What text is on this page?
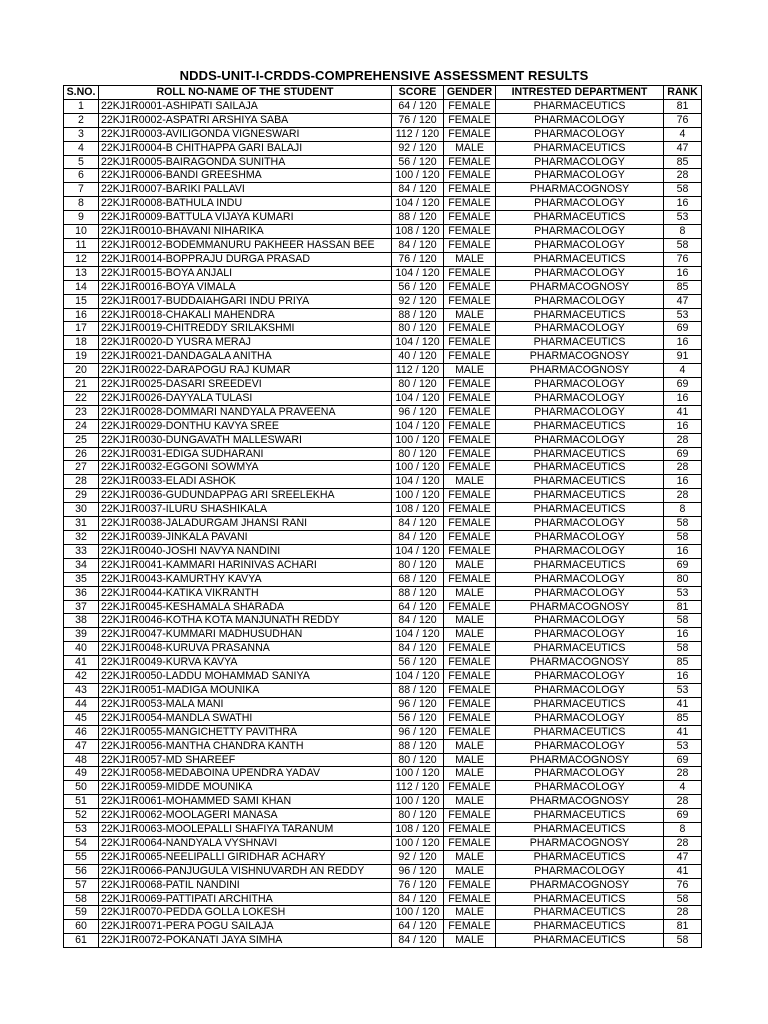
NDDS-UNIT-I-CRDDS-COMPREHENSIVE ASSESSMENT RESULTS
S.NO.	ROLL NO-NAME OF THE STUDENT	SCORE	GENDER	INTRESTED DEPARTMENT	RANK
1	22KJ1R0001-ASHIPATI SAILAJA	64 / 120	FEMALE	PHARMACEUTICS	81
2	22KJ1R0002-ASPATRI ARSHIYA SABA	76 / 120	FEMALE	PHARMACOLOGY	76
3	22KJ1R0003-AVILIGONDA VIGNESWARI	112 / 120	FEMALE	PHARMACOLOGY	4
4	22KJ1R0004-B CHITHAPPA GARI BALAJI	92 / 120	MALE	PHARMACEUTICS	47
5	22KJ1R0005-BAIRAGONDA SUNITHA	56 / 120	FEMALE	PHARMACOLOGY	85
6	22KJ1R0006-BANDI GREESHMA	100 / 120	FEMALE	PHARMACOLOGY	28
7	22KJ1R0007-BARIKI PALLAVI	84 / 120	FEMALE	PHARMACOGNOSY	58
8	22KJ1R0008-BATHULA INDU	104 / 120	FEMALE	PHARMACOLOGY	16
9	22KJ1R0009-BATTULA VIJAYA KUMARI	88 / 120	FEMALE	PHARMACEUTICS	53
10	22KJ1R0010-BHAVANI NIHARIKA	108 / 120	FEMALE	PHARMACOLOGY	8
11	22KJ1R0012-BODEMMANURU PAKHEER HASSAN BEE	84 / 120	FEMALE	PHARMACOLOGY	58
12	22KJ1R0014-BOPPRAJU DURGA PRASAD	76 / 120	MALE	PHARMACEUTICS	76
13	22KJ1R0015-BOYA ANJALI	104 / 120	FEMALE	PHARMACOLOGY	16
14	22KJ1R0016-BOYA VIMALA	56 / 120	FEMALE	PHARMACOGNOSY	85
15	22KJ1R0017-BUDDAIAHGARI INDU PRIYA	92 / 120	FEMALE	PHARMACOLOGY	47
16	22KJ1R0018-CHAKALI MAHENDRA	88 / 120	MALE	PHARMACEUTICS	53
17	22KJ1R0019-CHITREDDY SRILAKSHMI	80 / 120	FEMALE	PHARMACOLOGY	69
18	22KJ1R0020-D YUSRA MERAJ	104 / 120	FEMALE	PHARMACEUTICS	16
19	22KJ1R0021-DANDAGALA ANITHA	40 / 120	FEMALE	PHARMACOGNOSY	91
20	22KJ1R0022-DARAPOGU RAJ KUMAR	112 / 120	MALE	PHARMACOGNOSY	4
21	22KJ1R0025-DASARI SREEDEVI	80 / 120	FEMALE	PHARMACOLOGY	69
22	22KJ1R0026-DAYYALA TULASI	104 / 120	FEMALE	PHARMACOLOGY	16
23	22KJ1R0028-DOMMARI NANDYALA PRAVEENA	96 / 120	FEMALE	PHARMACOLOGY	41
24	22KJ1R0029-DONTHU KAVYA SREE	104 / 120	FEMALE	PHARMACEUTICS	16
25	22KJ1R0030-DUNGAVATH MALLESWARI	100 / 120	FEMALE	PHARMACOLOGY	28
26	22KJ1R0031-EDIGA SUDHARANI	80 / 120	FEMALE	PHARMACEUTICS	69
27	22KJ1R0032-EGGONI SOWMYA	100 / 120	FEMALE	PHARMACEUTICS	28
28	22KJ1R0033-ELADI ASHOK	104 / 120	MALE	PHARMACEUTICS	16
29	22KJ1R0036-GUDUNDAPPAG ARI SREELEKHA	100 / 120	FEMALE	PHARMACEUTICS	28
30	22KJ1R0037-ILURU SHASHIKALA	108 / 120	FEMALE	PHARMACEUTICS	8
31	22KJ1R0038-JALADURGAM JHANSI RANI	84 / 120	FEMALE	PHARMACOLOGY	58
32	22KJ1R0039-JINKALA PAVANI	84 / 120	FEMALE	PHARMACOLOGY	58
33	22KJ1R0040-JOSHI NAVYA NANDINI	104 / 120	FEMALE	PHARMACOLOGY	16
34	22KJ1R0041-KAMMARI HARINIVAS ACHARI	80 / 120	MALE	PHARMACEUTICS	69
35	22KJ1R0043-KAMURTHY KAVYA	68 / 120	FEMALE	PHARMACOLOGY	80
36	22KJ1R0044-KATIKA VIKRANTH	88 / 120	MALE	PHARMACOLOGY	53
37	22KJ1R0045-KESHAMALA SHARADA	64 / 120	FEMALE	PHARMACOGNOSY	81
38	22KJ1R0046-KOTHA KOTA MANJUNATH REDDY	84 / 120	MALE	PHARMACOLOGY	58
39	22KJ1R0047-KUMMARI MADHUSUDHAN	104 / 120	MALE	PHARMACOLOGY	16
40	22KJ1R0048-KURUVA PRASANNA	84 / 120	FEMALE	PHARMACEUTICS	58
41	22KJ1R0049-KURVA KAVYA	56 / 120	FEMALE	PHARMACOGNOSY	85
42	22KJ1R0050-LADDU MOHAMMAD SANIYA	104 / 120	FEMALE	PHARMACOLOGY	16
43	22KJ1R0051-MADIGA MOUNIKA	88 / 120	FEMALE	PHARMACOLOGY	53
44	22KJ1R0053-MALA MANI	96 / 120	FEMALE	PHARMACEUTICS	41
45	22KJ1R0054-MANDLA SWATHI	56 / 120	FEMALE	PHARMACOLOGY	85
46	22KJ1R0055-MANGICHETTY PAVITHRA	96 / 120	FEMALE	PHARMACEUTICS	41
47	22KJ1R0056-MANTHA CHANDRA KANTH	88 / 120	MALE	PHARMACOLOGY	53
48	22KJ1R0057-MD SHAREEF	80 / 120	MALE	PHARMACOGNOSY	69
49	22KJ1R0058-MEDABOINA UPENDRA YADAV	100 / 120	MALE	PHARMACOLOGY	28
50	22KJ1R0059-MIDDE MOUNIKA	112 / 120	FEMALE	PHARMACOLOGY	4
51	22KJ1R0061-MOHAMMED SAMI KHAN	100 / 120	MALE	PHARMACOGNOSY	28
52	22KJ1R0062-MOOLAGERI MANASA	80 / 120	FEMALE	PHARMACEUTICS	69
53	22KJ1R0063-MOOLEPALLI SHAFIYA TARANUM	108 / 120	FEMALE	PHARMACEUTICS	8
54	22KJ1R0064-NANDYALA VYSHNAVI	100 / 120	FEMALE	PHARMACOGNOSY	28
55	22KJ1R0065-NEELIPALLI GIRIDHAR ACHARY	92 / 120	MALE	PHARMACEUTICS	47
56	22KJ1R0066-PANJUGULA VISHNUVARDH AN REDDY	96 / 120	MALE	PHARMACOLOGY	41
57	22KJ1R0068-PATIL NANDINI	76 / 120	FEMALE	PHARMACOGNOSY	76
58	22KJ1R0069-PATTIPATI ARCHITHA	84 / 120	FEMALE	PHARMACEUTICS	58
59	22KJ1R0070-PEDDA GOLLA LOKESH	100 / 120	MALE	PHARMACEUTICS	28
60	22KJ1R0071-PERA POGU SAILAJA	64 / 120	FEMALE	PHARMACEUTICS	81
61	22KJ1R0072-POKANATI JAYA SIMHA	84 / 120	MALE	PHARMACEUTICS	58
